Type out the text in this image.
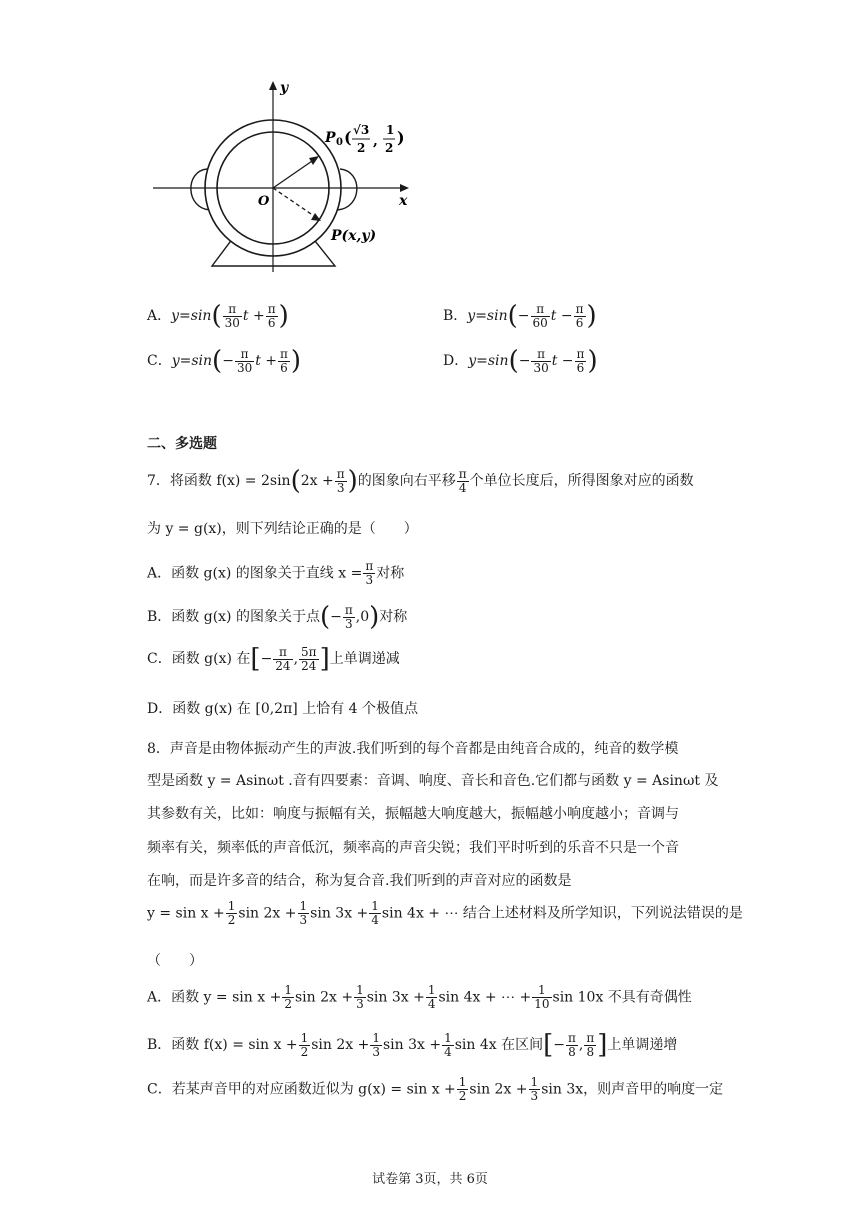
y
x
O
P 0 ( √3
2 ,
1
2
)
P(x,y)
A．$y=\sin( \frac{\pi}{30}$ $t + \frac{\pi}{6}$ )	B．$y=\sin(- \frac{\pi}{60}$ $t - \frac{\pi}{6}$ )
C．$y=\sin(- \frac{\pi}{30}$ $t + \frac{\pi}{6}$ )	D．$y=\sin(- \frac{\pi}{30}$ $t - \frac{\pi}{6}$ )
二、多选题
7．将函数 $f(x) = 2\sin(2x + \frac{\pi}{3}$ )的图象向右平移 $\frac{\pi}{4}$ 个单位长度后，所得图象对应的函数
为 y = g(x)，则下列结论正确的是（　　）
A．函数 g(x) 的图象关于直线 $x = \frac{\pi}{3}$ 对称
B．函数 g(x) 的图象关于点(− $\frac{\pi}{3} ,0$)对称
C．函数 g(x) 在[− $\frac{\pi}{24}$ , $\frac{5\pi}{24}$ ]上单调递减
D．函数 g(x) 在 [0,2π] 上恰有 4 个极值点
8．声音是由物体振动产生的声波.我们听到的每个音都是由纯音合成的，纯音的数学模
型是函数 y = Asinωt .音有四要素：音调、响度、音长和音色.它们都与函数 y = Asinωt 及
其参数有关，比如：响度与振幅有关，振幅越大响度越大，振幅越小响度越小；音调与
频率有关，频率低的声音低沉，频率高的声音尖锐；我们平时听到的乐音不只是一个音
在响，而是许多音的结合，称为复合音.我们听到的声音对应的函数是
$y = \sin x + \frac{1}{2}$ $\sin 2x + \frac{1}{3}$ $\sin 3x + \frac{1}{4}$ sin 4x + ⋯ 结合上述材料及所学知识，下列说法错误的是
（　　）
A．函数 $y = \sin x + \frac{1}{2}$ $\sin 2x + \frac{1}{3}$ $\sin 3x + \frac{1}{4}$ sin 4x + ⋯ + $\frac{1}{10}$ sin 10x 不具有奇偶性
B．函数 $f(x) = \sin x + \frac{1}{2}$ $\sin 2x + \frac{1}{3}$ $\sin 3x + \frac{1}{4}$ sin 4x 在区间[− $\frac{\pi}{8}$ , $\frac{\pi}{8}$ ]上单调递增
C．若某声音甲的对应函数近似为 $g(x) = \sin x + \frac{1}{2}$ $\sin 2x + \frac{1}{3}$ sin 3x，则声音甲的响度一定
试卷第 3页，共 6页
